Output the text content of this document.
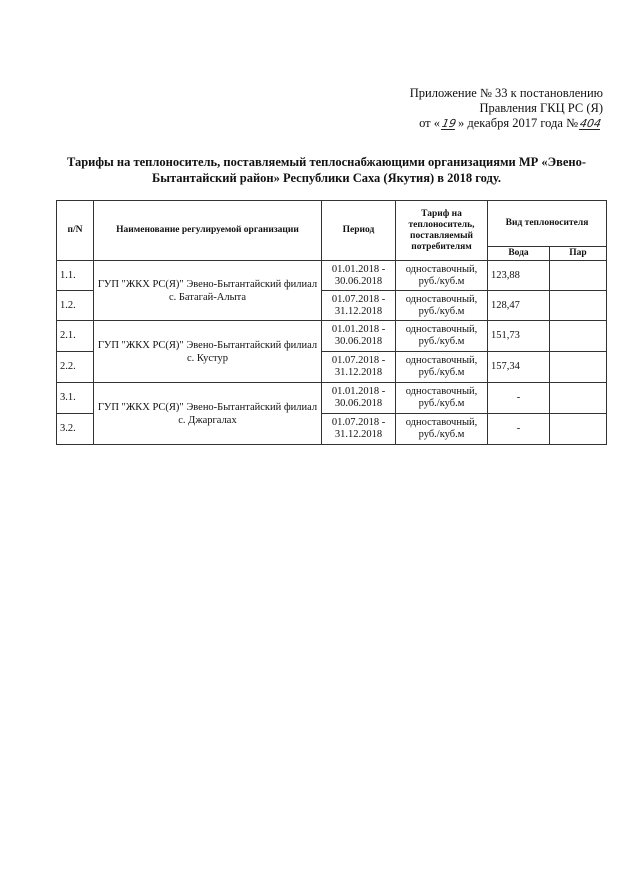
Приложение № 33 к постановлению
Правления ГКЦ РС (Я)
от «19» декабря 2017 года №404
Тарифы на теплоноситель, поставляемый теплоснабжающими организациями МР «Эвено-
Бытантайский район» Республики Саха (Якутия) в 2018 году.
п/N	Наименование регулируемой организации	Период	Тариф на теплоноситель, поставляемый потребителям	Вид теплоносителя	
				Вода	Пар
1.1.	ГУП "ЖКХ РС(Я)" Эвено-Бытантайский филиал с. Батагай-Алыта	01.01.2018 - 30.06.2018	одноставочный, руб./куб.м	123,88	
1.2.		01.07.2018 - 31.12.2018	одноставочный, руб./куб.м	128,47	
2.1.	ГУП "ЖКХ РС(Я)" Эвено-Бытантайский филиал с. Кустур	01.01.2018 - 30.06.2018	одноставочный, руб./куб.м	151,73	
2.2.		01.07.2018 - 31.12.2018	одноставочный, руб./куб.м	157,34	
3.1.	ГУП "ЖКХ РС(Я)" Эвено-Бытантайский филиал с. Джаргалах	01.01.2018 - 30.06.2018	одноставочный, руб./куб.м	-	
3.2.		01.07.2018 - 31.12.2018	одноставочный, руб./куб.м	-	
